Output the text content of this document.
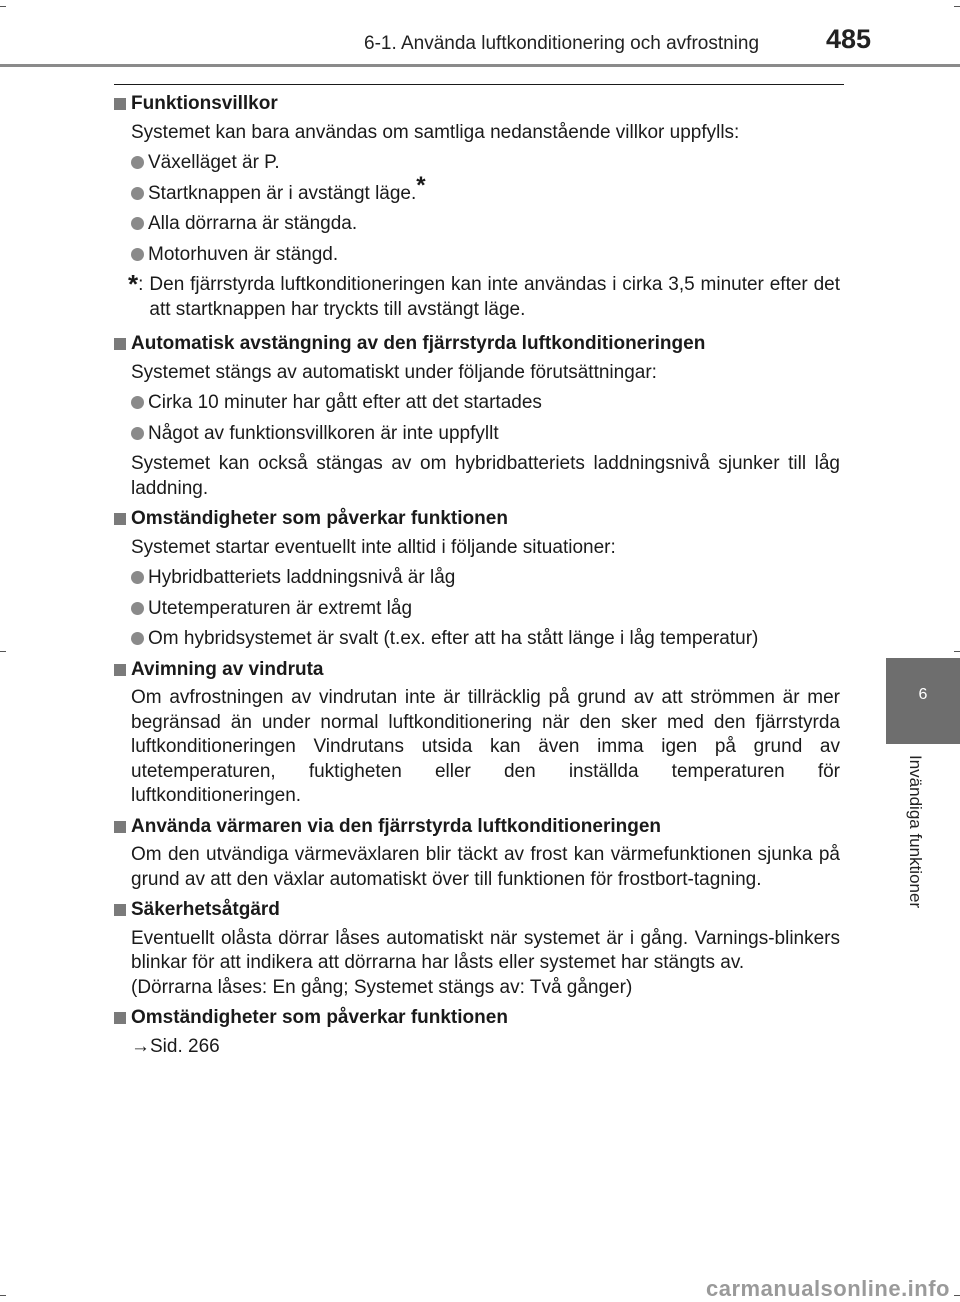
6-1. Använda luftkonditionering och avfrostning 485
6
Invändiga funktioner
Funktionsvillkor
Systemet kan bara användas om samtliga nedanstående villkor uppfylls:
Växelläget är P.
Startknappen är i avstängt läge.*
Alla dörrarna är stängda.
Motorhuven är stängd.
* : Den fjärrstyrda luftkonditioneringen kan inte användas i cirka 3,5 minuter efter det att startknappen har tryckts till avstängt läge.
Automatisk avstängning av den fjärrstyrda luftkonditioneringen
Systemet stängs av automatiskt under följande förutsättningar:
Cirka 10 minuter har gått efter att det startades
Något av funktionsvillkoren är inte uppfyllt
Systemet kan också stängas av om hybridbatteriets laddningsnivå sjunker till låg laddning.
Omständigheter som påverkar funktionen
Systemet startar eventuellt inte alltid i följande situationer:
Hybridbatteriets laddningsnivå är låg
Utetemperaturen är extremt låg
Om hybridsystemet är svalt (t.ex. efter att ha stått länge i låg temperatur)
Avimning av vindruta
Om avfrostningen av vindrutan inte är tillräcklig på grund av att strömmen är mer begränsad än under normal luftkonditionering när den sker med den fjärrstyrda luftkonditioneringen Vindrutans utsida kan även imma igen på grund av utetemperaturen, fuktigheten eller den inställda temperaturen för luftkonditioneringen.
Använda värmaren via den fjärrstyrda luftkonditioneringen
Om den utvändiga värmeväxlaren blir täckt av frost kan värmefunktionen sjunka på grund av att den växlar automatiskt över till funktionen för frostbort-tagning.
Säkerhetsåtgärd
Eventuellt olåsta dörrar låses automatiskt när systemet är i gång. Varnings-blinkers blinkar för att indikera att dörrarna har låsts eller systemet har stängts av.
(Dörrarna låses: En gång; Systemet stängs av: Två gånger)
Omständigheter som påverkar funktionen
→Sid. 266
carmanualsonline.info
